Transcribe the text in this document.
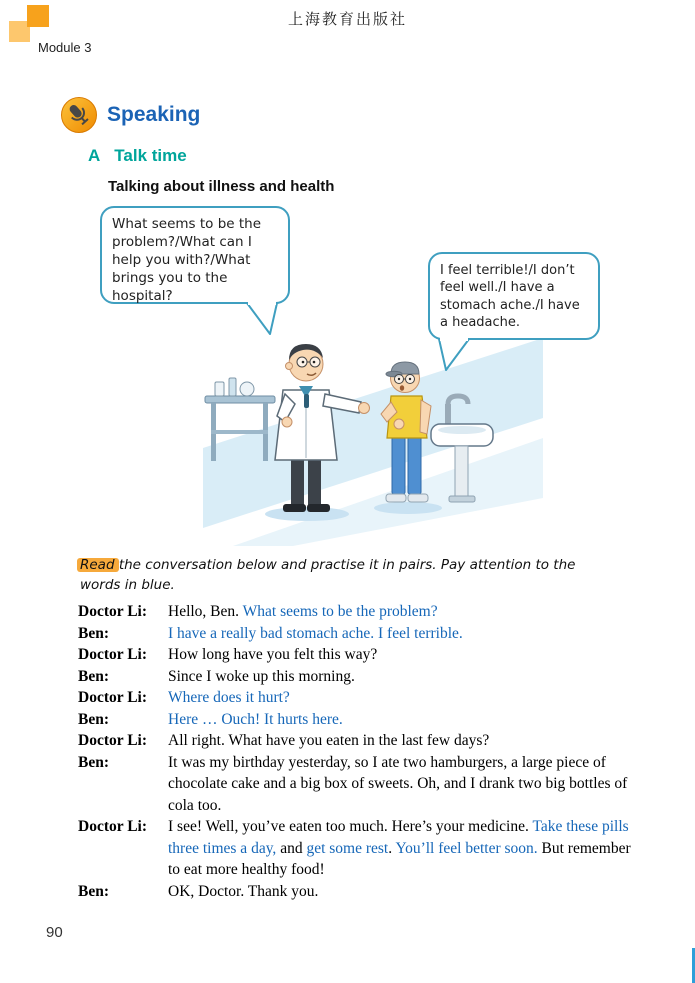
上海教育出版社
Module 3
Speaking
A Talk time
Talking about illness and health
What seems to be the problem?/What can I help you with?/What brings you to the hospital?
I feel terrible!/I don’t feel well./I have a stomach ache./I have a headache.
Read the conversation below and practise it in pairs. Pay attention to the words in blue.
Doctor Li:	Hello, Ben. What seems to be the problem?
Ben:	I have a really bad stomach ache. I feel terrible.
Doctor Li:	How long have you felt this way?
Ben:	Since I woke up this morning.
Doctor Li:	Where does it hurt?
Ben:	Here … Ouch! It hurts here.
Doctor Li:	All right. What have you eaten in the last few days?
Ben:	It was my birthday yesterday, so I ate two hamburgers, a large piece of chocolate cake and a big box of sweets. Oh, and I drank two big bottles of cola too.
Doctor Li:	I see! Well, you’ve eaten too much. Here’s your medicine. Take these pills three times a day, and get some rest. You’ll feel better soon. But remember to eat more healthy food!
Ben:	OK, Doctor. Thank you.
90
